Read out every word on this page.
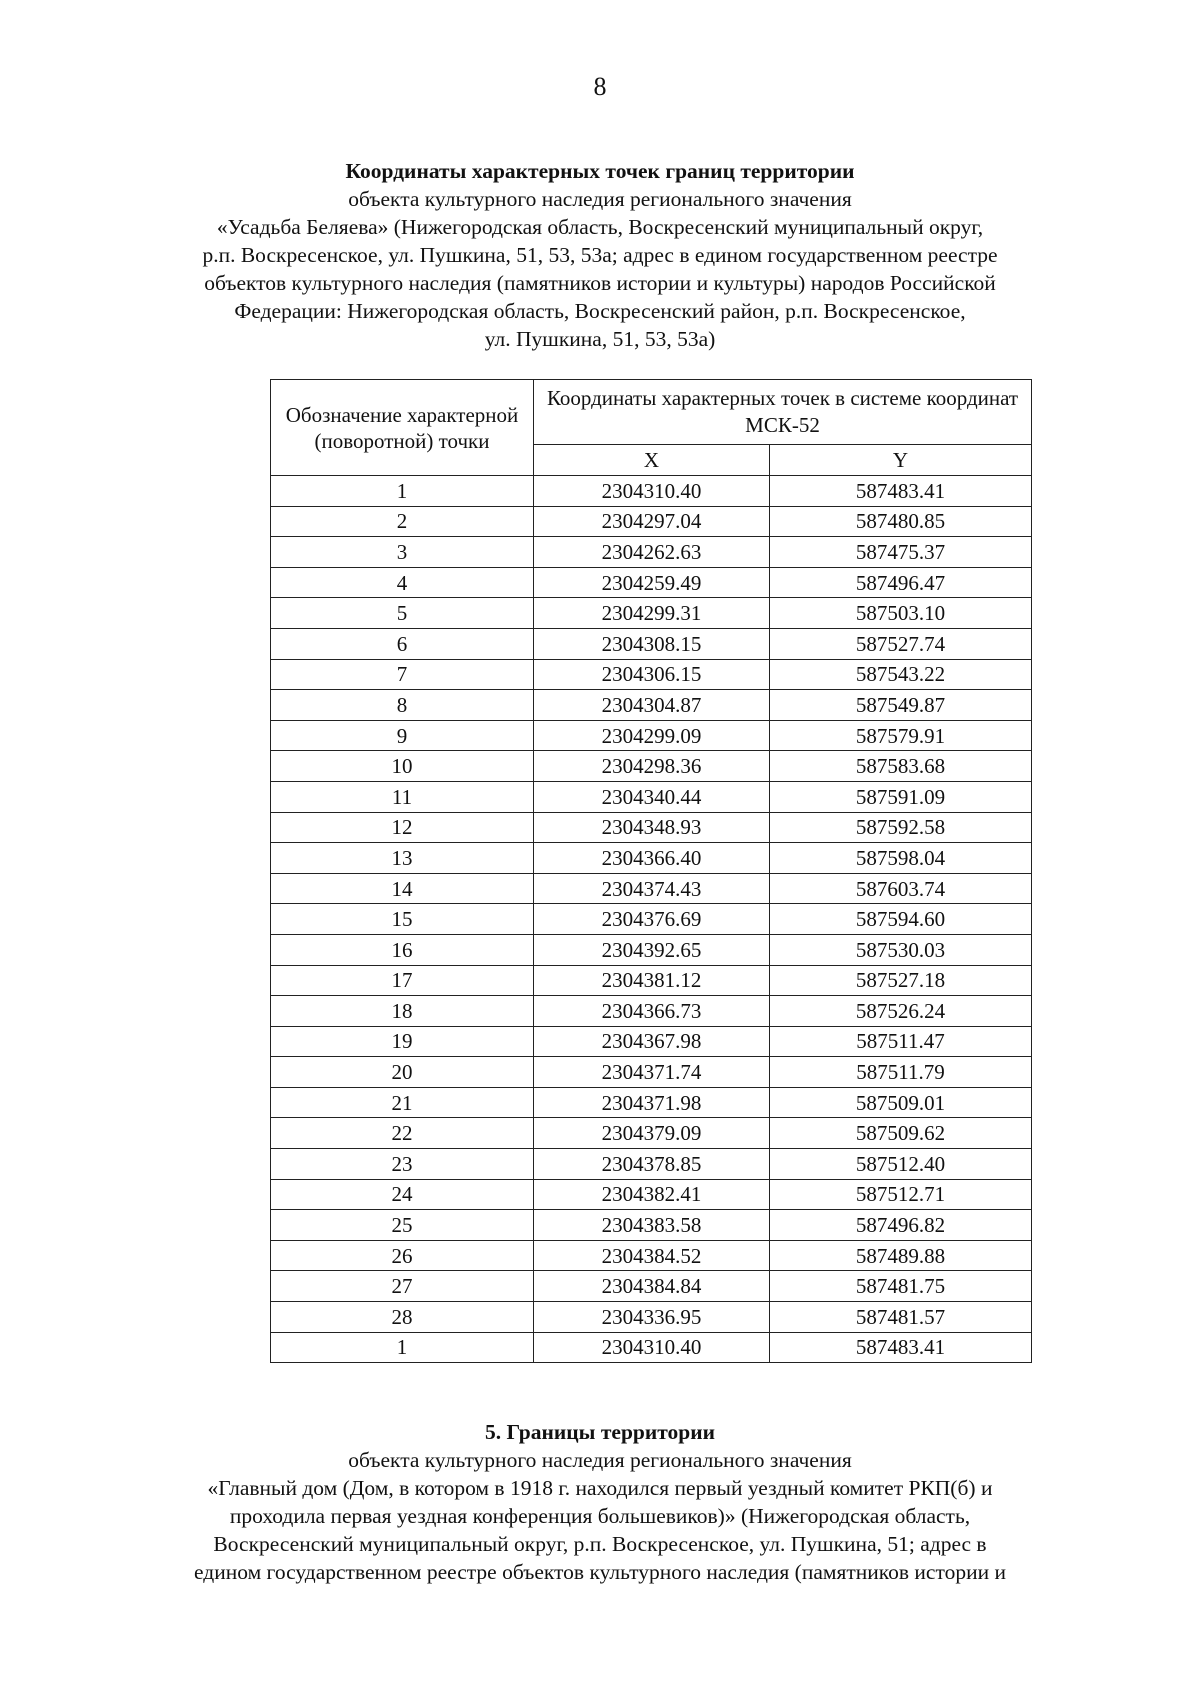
8
Координаты характерных точек границ территории
объекта культурного наследия регионального значения
«Усадьба Беляева» (Нижегородская область, Воскресенский муниципальный округ,
р.п. Воскресенское, ул. Пушкина, 51, 53, 53а; адрес в едином государственном реестре
объектов культурного наследия (памятников истории и культуры) народов Российской
Федерации: Нижегородская область, Воскресенский район, р.п. Воскресенское,
ул. Пушкина, 51, 53, 53а)
Обозначение характерной (поворотной) точки	Координаты характерных точек в системе координат МСК-52	
	X	Y
1	2304310.40	587483.41
2	2304297.04	587480.85
3	2304262.63	587475.37
4	2304259.49	587496.47
5	2304299.31	587503.10
6	2304308.15	587527.74
7	2304306.15	587543.22
8	2304304.87	587549.87
9	2304299.09	587579.91
10	2304298.36	587583.68
11	2304340.44	587591.09
12	2304348.93	587592.58
13	2304366.40	587598.04
14	2304374.43	587603.74
15	2304376.69	587594.60
16	2304392.65	587530.03
17	2304381.12	587527.18
18	2304366.73	587526.24
19	2304367.98	587511.47
20	2304371.74	587511.79
21	2304371.98	587509.01
22	2304379.09	587509.62
23	2304378.85	587512.40
24	2304382.41	587512.71
25	2304383.58	587496.82
26	2304384.52	587489.88
27	2304384.84	587481.75
28	2304336.95	587481.57
1	2304310.40	587483.41
5. Границы территории
объекта культурного наследия регионального значения
«Главный дом (Дом, в котором в 1918 г. находился первый уездный комитет РКП(б) и
проходила первая уездная конференция большевиков)» (Нижегородская область,
Воскресенский муниципальный округ, р.п. Воскресенское, ул. Пушкина, 51; адрес в
едином государственном реестре объектов культурного наследия (памятников истории и
